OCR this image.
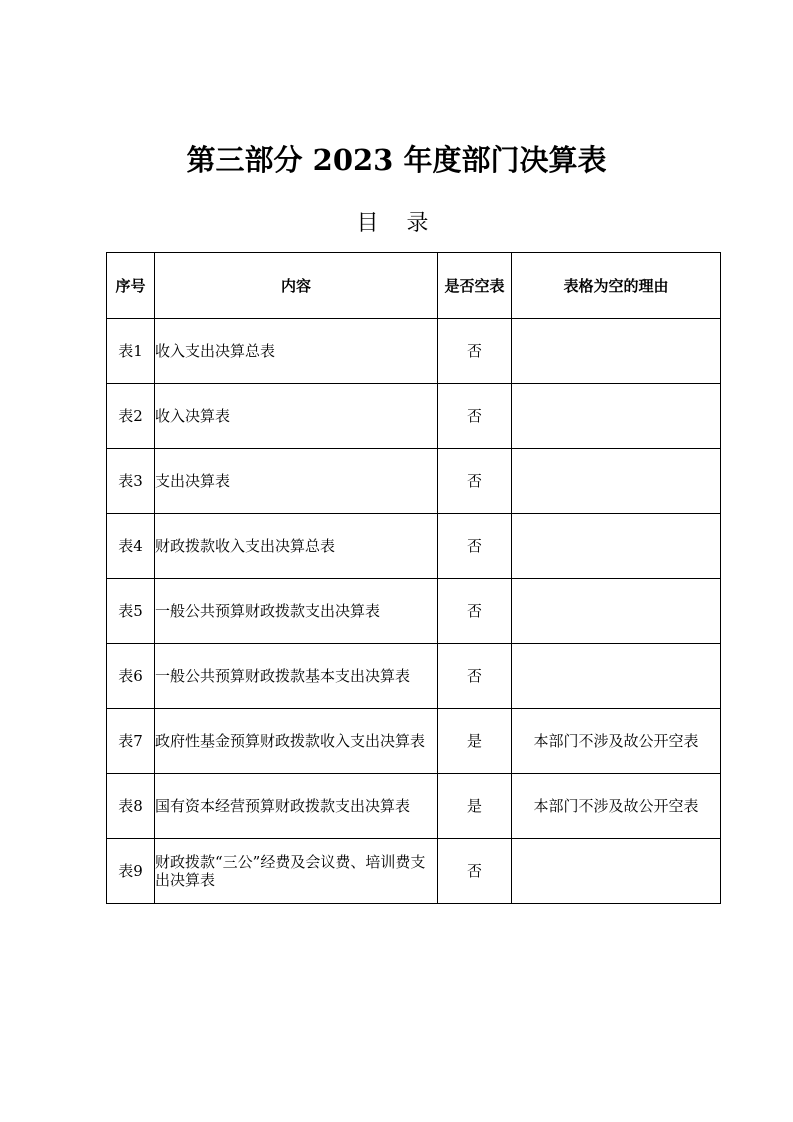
第三部分 2023 年度部门决算表
目录
序号	内容	是否空表	表格为空的理由
表1	收入支出决算总表	否	
表2	收入决算表	否	
表3	支出决算表	否	
表4	财政拨款收入支出决算总表	否	
表5	一般公共预算财政拨款支出决算表	否	
表6	一般公共预算财政拨款基本支出决算表	否	
表7	政府性基金预算财政拨款收入支出决算表	是	本部门不涉及故公开空表
表8	国有资本经营预算财政拨款支出决算表	是	本部门不涉及故公开空表
表9	财政拨款“三公”经费及会议费、培训费支出决算表	否	
